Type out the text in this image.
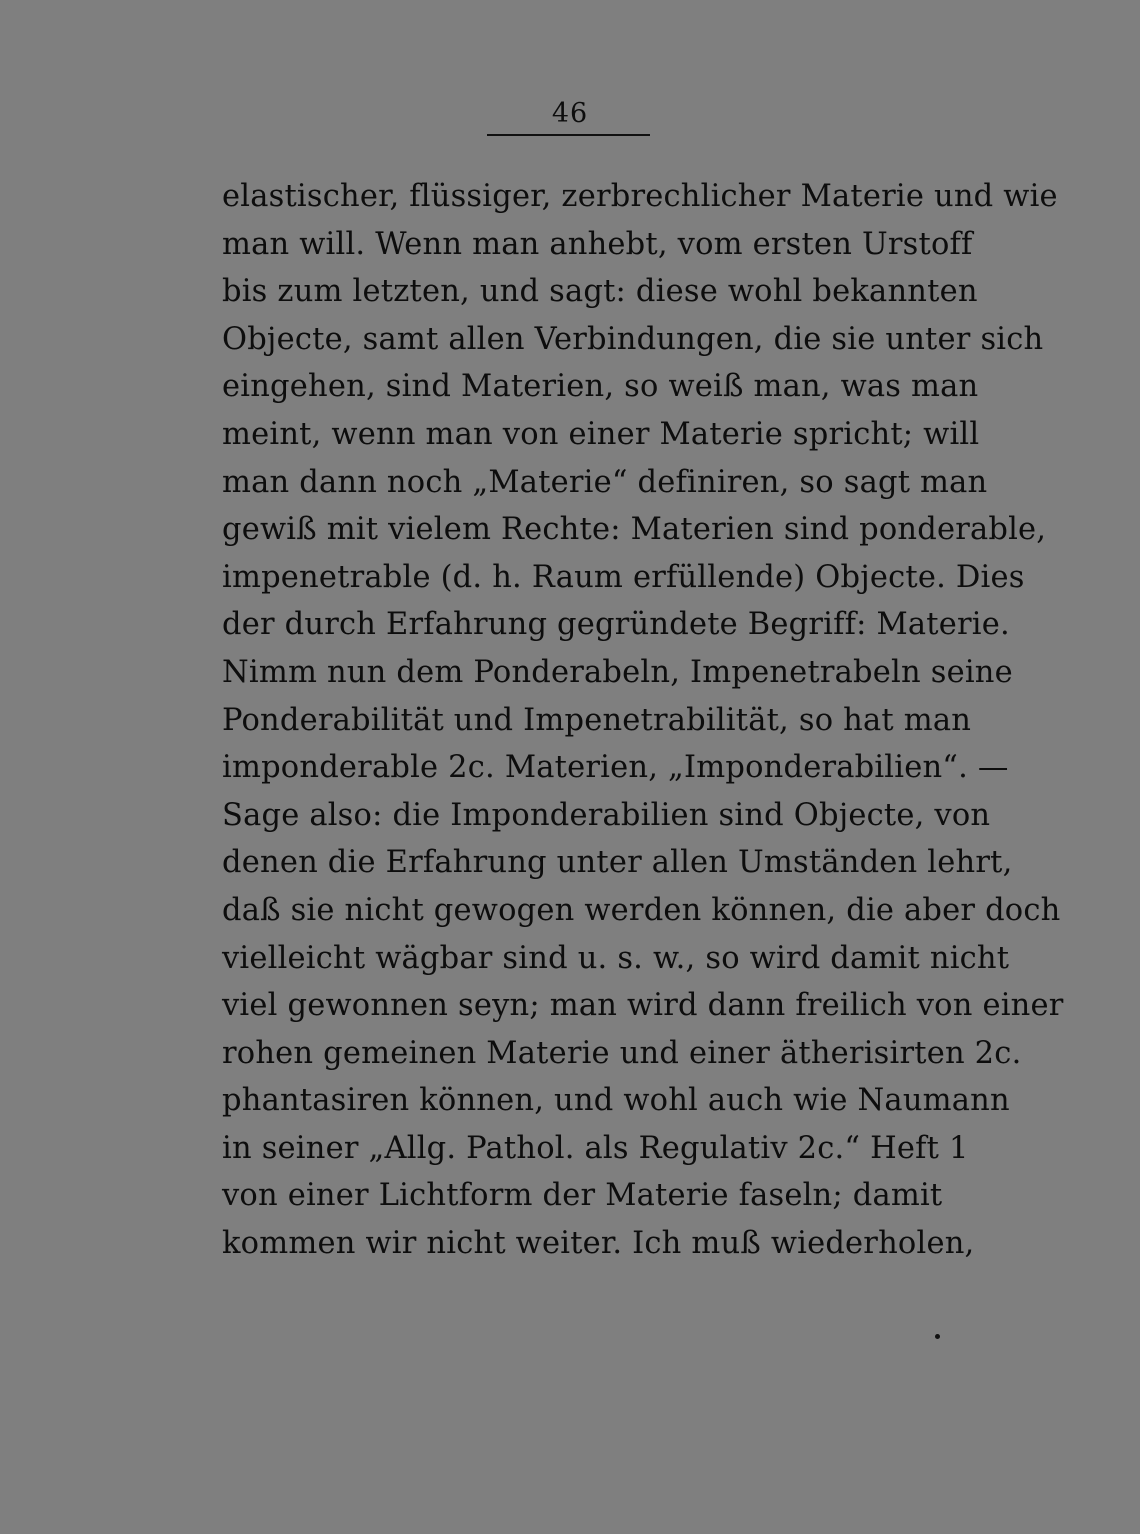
46
elastischer, flüssiger, zerbrechlicher Materie und wie
man will. Wenn man anhebt, vom ersten Urstoff
bis zum letzten, und sagt: diese wohl bekannten
Objecte, samt allen Verbindungen, die sie unter sich
eingehen, sind Materien, so weiß man, was man
meint, wenn man von einer Materie spricht; will
man dann noch „Materie“ definiren, so sagt man
gewiß mit vielem Rechte: Materien sind ponderable,
impenetrable (d. h. Raum erfüllende) Objecte. Dies
der durch Erfahrung gegründete Begriff: Materie.
Nimm nun dem Ponderabeln, Impenetrabeln seine
Ponderabilität und Impenetrabilität, so hat man
imponderable 2c. Materien, „Imponderabilien“. —
Sage also: die Imponderabilien sind Objecte, von
denen die Erfahrung unter allen Umständen lehrt,
daß sie nicht gewogen werden können, die aber doch
vielleicht wägbar sind u. s. w., so wird damit nicht
viel gewonnen seyn; man wird dann freilich von einer
rohen gemeinen Materie und einer ätherisirten 2c.
phantasiren können, und wohl auch wie Naumann
in seiner „Allg. Pathol. als Regulativ 2c.“ Heft 1
von einer Lichtform der Materie faseln; damit
kommen wir nicht weiter. Ich muß wiederholen,
